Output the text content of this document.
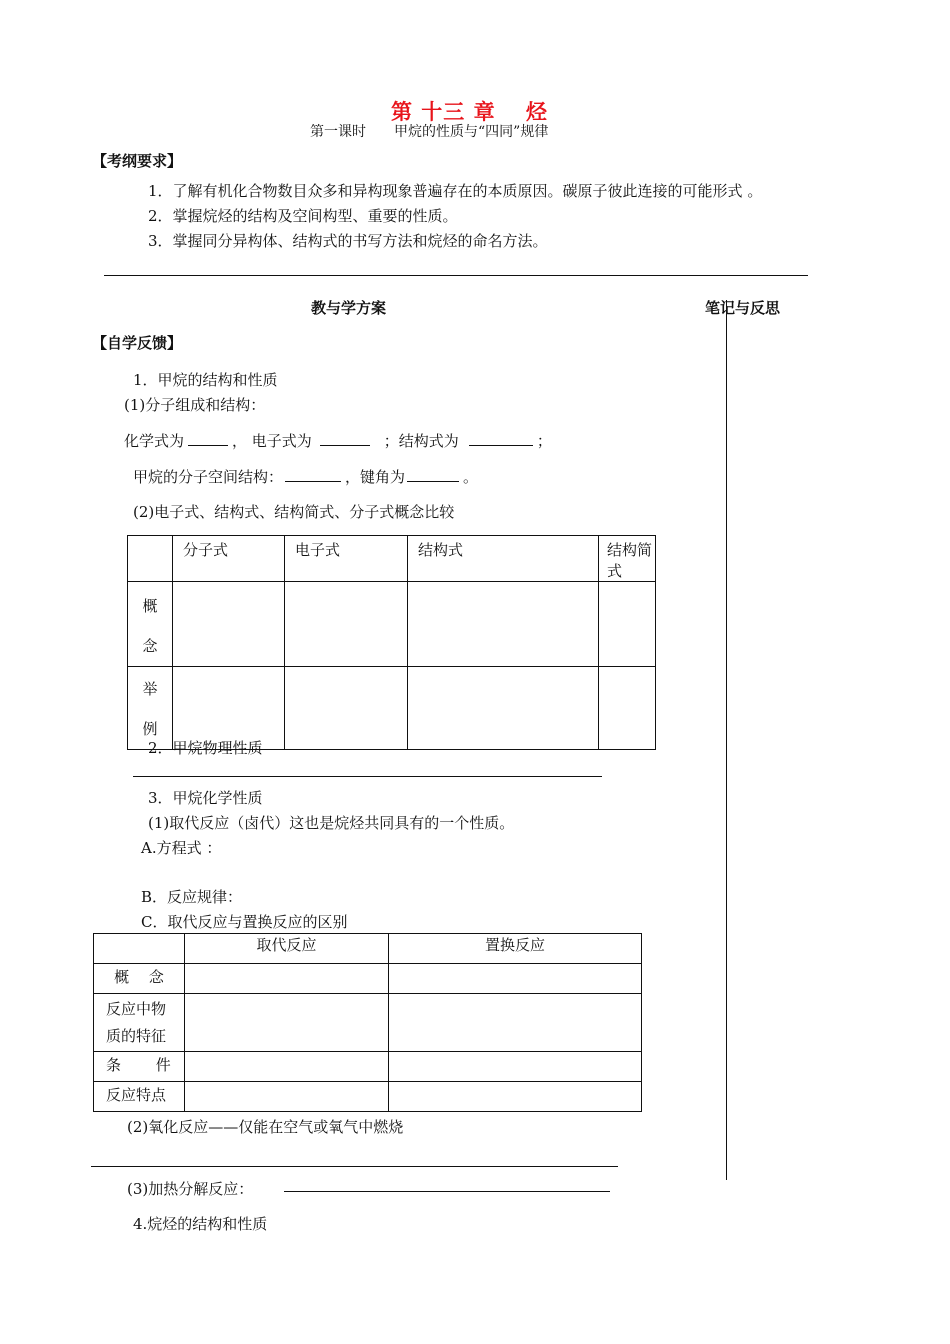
第 十三 章　 烃
第一课时　　甲烷的性质与“四同”规律
【考纲要求】
1．了解有机化合物数目众多和异构现象普遍存在的本质原因。碳原子彼此连接的可能形式 。
2．掌握烷烃的结构及空间构型、重要的性质。
3．掌握同分异构体、结构式的书写方法和烷烃的命名方法。
教与学方案	笔记与反思
【自学反馈】
1．甲烷的结构和性质
(1)分子组成和结构：
化学式为	， 电子式为	；结构式为	；
甲烷的分子空间结构：	，键角为	。
(2)电子式、结构式、结构简式、分子式概念比较
	分子式	电子式	结构式	结构简式

概
念				

举
例				

2．甲烷物理性质
3．甲烷化学性质
(1)取代反应（卤代）这也是烷烃共同具有的一个性质。
A.方程式 ：
B．反应规律：
C．取代反应与置换反应的区别
	取代反应	置换反应
概　 念		
反应中物质的特征		
条　　 件		
反应特点		
(2)氧化反应——仅能在空气或氧气中燃烧
(3)加热分解反应：
4.烷烃的结构和性质
